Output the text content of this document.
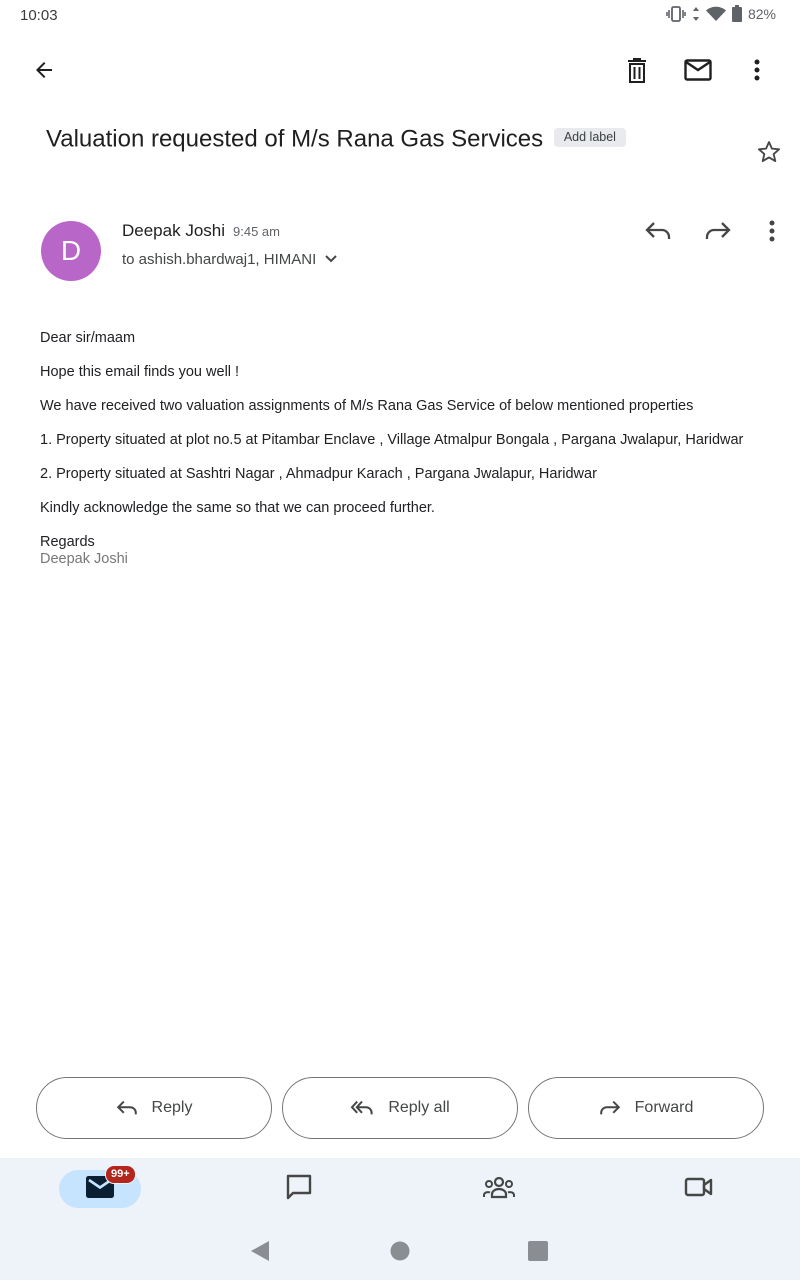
10:03	82%
Valuation requested of M/s Rana Gas Services Add label
D
Deepak Joshi 9:45 am
to ashish.bhardwaj1, HIMANI

Dear sir/maam

Hope this email finds you well !

We have received two valuation assignments of M/s Rana Gas Service of below mentioned properties

1. Property situated at plot no.5 at Pitambar Enclave , Village Atmalpur Bongala , Pargana Jwalapur, Haridwar

2. Property situated at Sashtri Nagar , Ahmadpur Karach , Pargana Jwalapur, Haridwar

Kindly acknowledge the same so that we can proceed further.

Regards

Deepak Joshi

Reply	Reply all	Forward
99+
